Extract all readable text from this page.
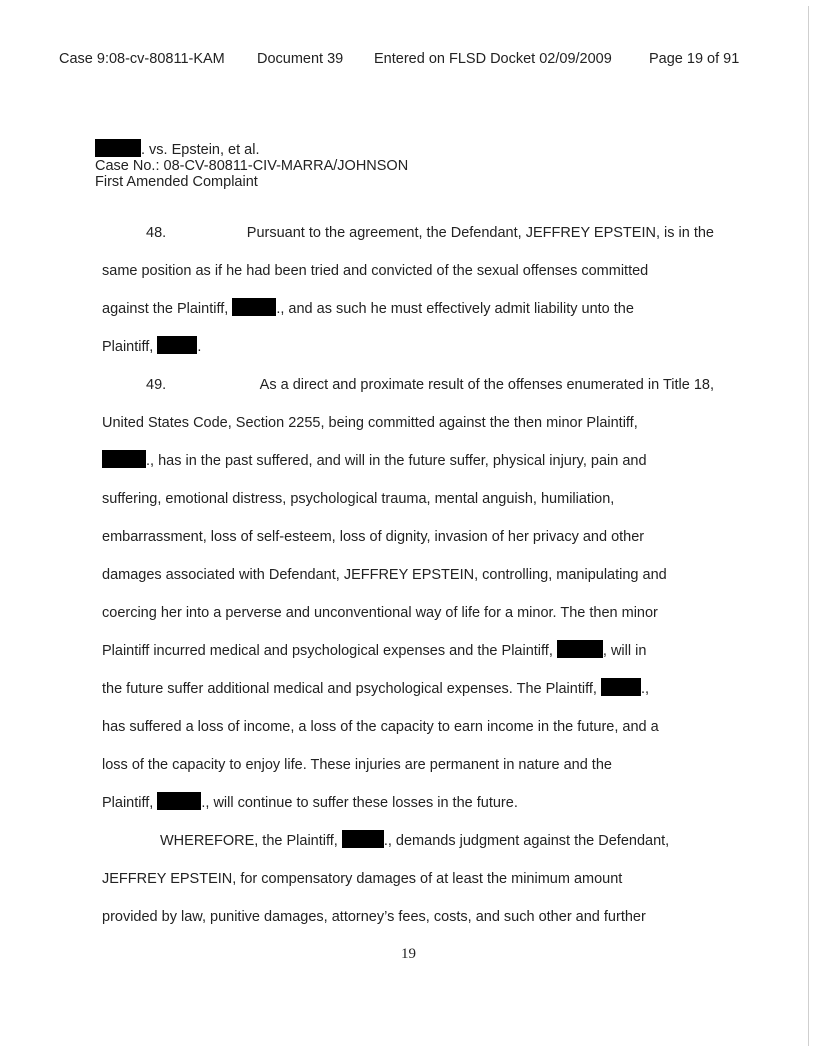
Case 9:08-cv-80811-KAM Document 39 Entered on FLSD Docket 02/09/2009	Page 19 of 91
. vs. Epstein, et al.
Case No.: 08-CV-80811-CIV-MARRA/JOHNSON
First Amended Complaint
48.	Pursuant to the agreement, the Defendant, JEFFREY EPSTEIN, is in the
same position as if he had been tried and convicted of the sexual offenses committed
against the Plaintiff,	., and as such he must effectively admit liability unto the
Plaintiff,	.
49.	As a direct and proximate result of the offenses enumerated in Title 18,
United States Code, Section 2255, being committed against the then minor Plaintiff,
., has in the past suffered, and will in the future suffer, physical injury, pain and
suffering, emotional distress, psychological trauma, mental anguish, humiliation,
embarrassment, loss of self-esteem, loss of dignity, invasion of her privacy and other
damages associated with Defendant, JEFFREY EPSTEIN, controlling, manipulating and
coercing her into a perverse and unconventional way of life for a minor. The then minor
Plaintiff incurred medical and psychological expenses and the Plaintiff,	, will in
the future suffer additional medical and psychological expenses. The Plaintiff,	.,
has suffered a loss of income, a loss of the capacity to earn income in the future, and a
loss of the capacity to enjoy life. These injuries are permanent in nature and the
Plaintiff,	., will continue to suffer these losses in the future.
WHEREFORE, the Plaintiff,	., demands judgment against the Defendant,
JEFFREY EPSTEIN, for compensatory damages of at least the minimum amount
provided by law, punitive damages, attorney’s fees, costs, and such other and further
19
